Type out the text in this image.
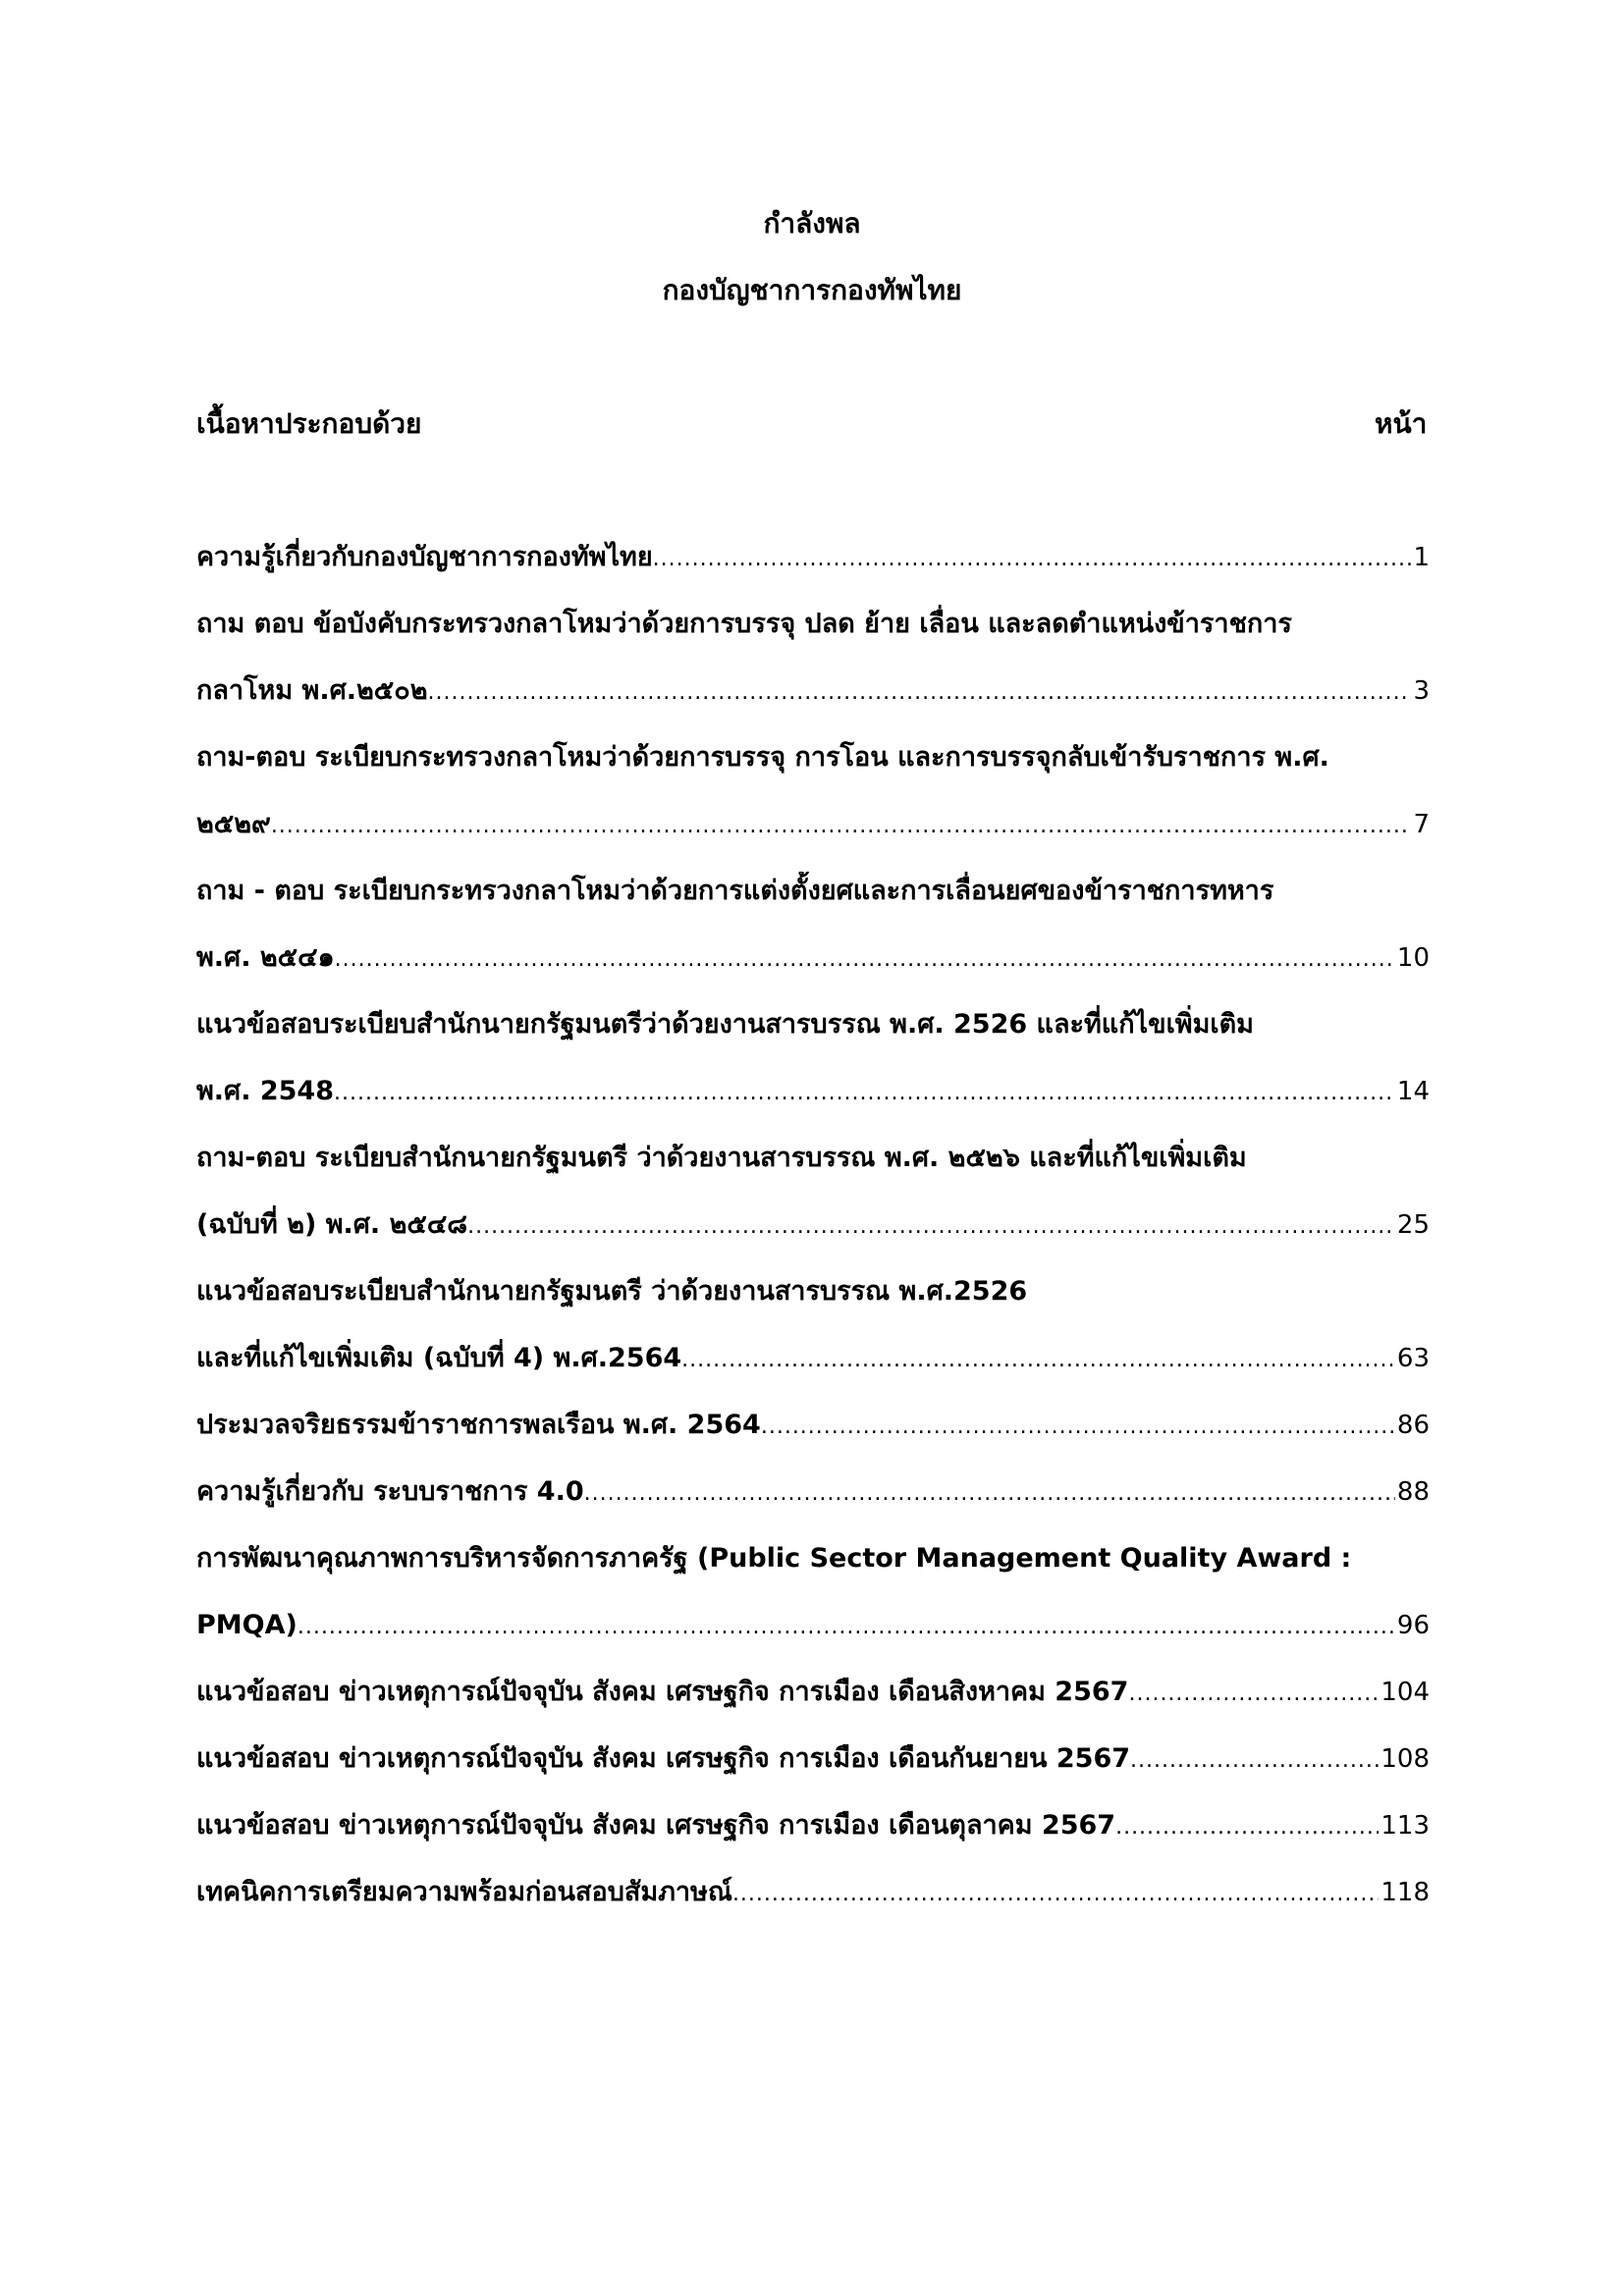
กำลังพล
กองบัญชาการกองทัพไทย
เนื้อหาประกอบด้วย	หน้า
ความรู้เกี่ยวกับกองบัญชาการกองทัพไทย .....	1
ถาม ตอบ ข้อบังคับกระทรวงกลาโหมว่าด้วยการบรรจุ ปลด ย้าย เลื่อน และลดตำแหน่งข้าราชการ
กลาโหม พ.ศ.๒๕๐๒ .....	3
ถาม-ตอบ ระเบียบกระทรวงกลาโหมว่าด้วยการบรรจุ การโอน และการบรรจุกลับเข้ารับราชการ พ.ศ.
๒๕๒๙ .....	7
ถาม - ตอบ ระเบียบกระทรวงกลาโหมว่าด้วยการแต่งตั้งยศและการเลื่อนยศของข้าราชการทหาร
พ.ศ. ๒๕๔๑ .....	10
แนวข้อสอบระเบียบสำนักนายกรัฐมนตรีว่าด้วยงานสารบรรณ พ.ศ. 2526 และที่แก้ไขเพิ่มเติม
พ.ศ. 2548 .....	14
ถาม-ตอบ ระเบียบสำนักนายกรัฐมนตรี ว่าด้วยงานสารบรรณ พ.ศ. ๒๕๒๖ และที่แก้ไขเพิ่มเติม
(ฉบับที่ ๒) พ.ศ. ๒๕๔๘ .....	25
แนวข้อสอบระเบียบสำนักนายกรัฐมนตรี ว่าด้วยงานสารบรรณ พ.ศ.2526
และที่แก้ไขเพิ่มเติม (ฉบับที่ 4) พ.ศ.2564 .....	63
ประมวลจริยธรรมข้าราชการพลเรือน พ.ศ. 2564 .....	86
ความรู้เกี่ยวกับ ระบบราชการ 4.0 .....	88
การพัฒนาคุณภาพการบริหารจัดการภาครัฐ (Public Sector Management Quality Award :
PMQA) .....	96
แนวข้อสอบ ข่าวเหตุการณ์ปัจจุบัน สังคม เศรษฐกิจ การเมือง เดือนสิงหาคม 2567 .....	104
แนวข้อสอบ ข่าวเหตุการณ์ปัจจุบัน สังคม เศรษฐกิจ การเมือง เดือนกันยายน 2567 .....	108
แนวข้อสอบ ข่าวเหตุการณ์ปัจจุบัน สังคม เศรษฐกิจ การเมือง เดือนตุลาคม 2567 .....	113
เทคนิคการเตรียมความพร้อมก่อนสอบสัมภาษณ์ .....	118
